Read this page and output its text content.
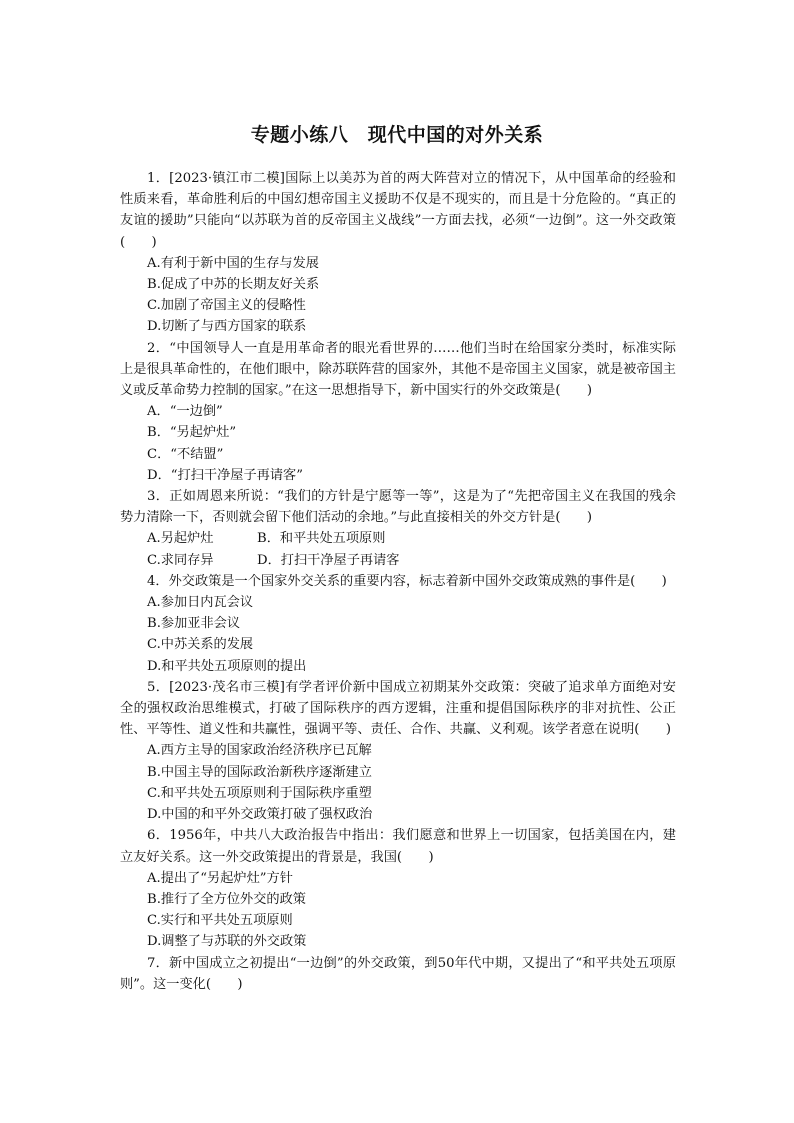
专题小练八　现代中国的对外关系

1．[2023·镇江市二模]国际上以美苏为首的两大阵营对立的情况下，从中国革命的经验和性质来看，革命胜利后的中国幻想帝国主义援助不仅是不现实的，而且是十分危险的。“真正的友谊的援助”只能向“以苏联为首的反帝国主义战线”一方面去找，必须“一边倒”。这一外交政策(　　)

A.有利于新中国的生存与发展

B.促成了中苏的长期友好关系

C.加剧了帝国主义的侵略性

D.切断了与西方国家的联系

2．“中国领导人一直是用革命者的眼光看世界的……他们当时在给国家分类时，标准实际上是很具革命性的，在他们眼中，除苏联阵营的国家外，其他不是帝国主义国家，就是被帝国主义或反革命势力控制的国家。”在这一思想指导下，新中国实行的外交政策是(　　)

A．“一边倒”

B．“另起炉灶”

C．“不结盟”

D．“打扫干净屋子再请客”

3．正如周恩来所说：“我们的方针是宁愿等一等”，这是为了“先把帝国主义在我国的残余势力清除一下，否则就会留下他们活动的余地。”与此直接相关的外交方针是(　　)

A.另起炉灶	B．和平共处五项原则

C.求同存异	D．打扫干净屋子再请客

4．外交政策是一个国家外交关系的重要内容，标志着新中国外交政策成熟的事件是(　　)

A.参加日内瓦会议

B.参加亚非会议

C.中苏关系的发展

D.和平共处五项原则的提出

5．[2023·茂名市三模]有学者评价新中国成立初期某外交政策：突破了追求单方面绝对安全的强权政治思维模式，打破了国际秩序的西方逻辑，注重和提倡国际秩序的非对抗性、公正性、平等性、道义性和共赢性，强调平等、责任、合作、共赢、义利观。该学者意在说明(　　)

A.西方主导的国家政治经济秩序已瓦解

B.中国主导的国际政治新秩序逐渐建立

C.和平共处五项原则利于国际秩序重塑

D.中国的和平外交政策打破了强权政治

6．1956年，中共八大政治报告中指出：我们愿意和世界上一切国家，包括美国在内，建立友好关系。这一外交政策提出的背景是，我国(　　)

A.提出了“另起炉灶”方针

B.推行了全方位外交的政策

C.实行和平共处五项原则

D.调整了与苏联的外交政策

7．新中国成立之初提出“一边倒”的外交政策，到50年代中期，又提出了“和平共处五项原则”。这一变化(　　)
